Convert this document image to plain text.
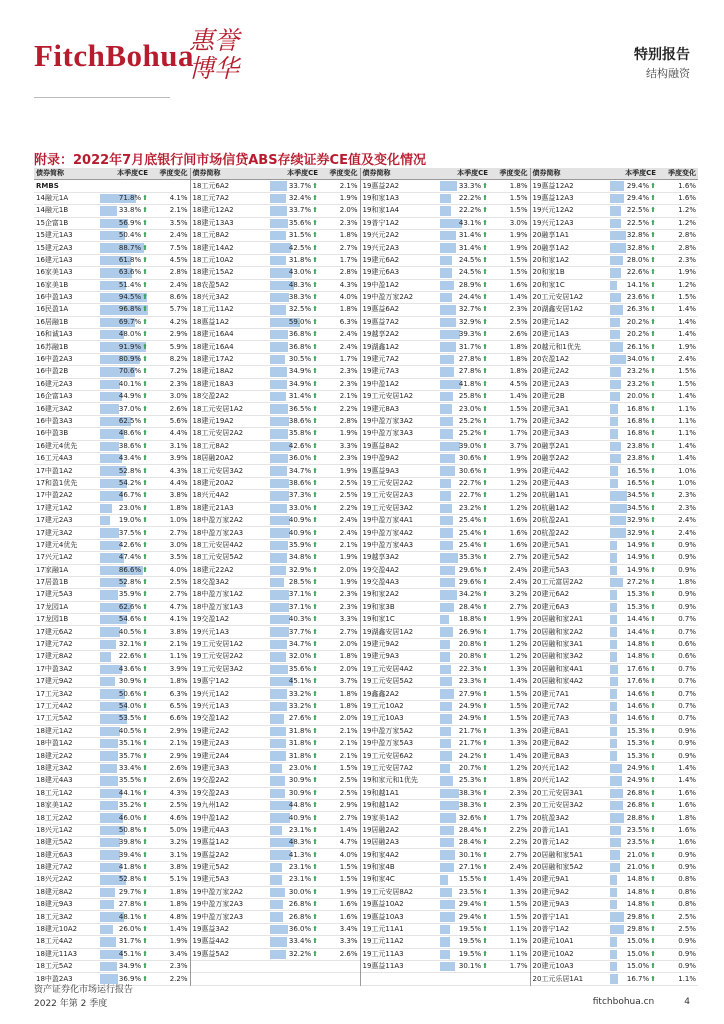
FitchBohua
惠誉
博华	特别报告
结构融资
附录：2022年7月底银行间市场信贷ABS存续证券CE值及变化情况
债券简称	本季度CE	季度变化	债券简称	本季度CE	季度变化	债券简称	本季度CE	季度变化	债券简称	本季度CE	季度变化
RMBS			18工元6A2	33.7%⬆	2.1%	19惠益2A2	33.3%⬆	1.8%	19惠益12A2	29.4%⬆	1.6%
14融元1A	71.8%⬆	4.1%	18工元7A2	32.4%⬆	1.9%	19和家1A3	22.2%⬆	1.5%	19惠益12A3	29.4%⬆	1.6%
14融元1B	33.8%⬆	2.1%	18建元12A2	33.7%⬆	2.0%	19和家1A4	22.2%⬆	1.5%	19兴元12A2	22.5%⬆	1.2%
15企富1B	56.9%⬆	3.5%	18建元13A3	35.6%⬆	2.3%	19普宁1A2	43.1%⬆	3.0%	19兴元12A3	22.5%⬆	1.2%
15建元1A3	50.4%⬆	2.4%	18工元8A2	31.5%⬆	1.8%	19兴元2A2	31.4%⬆	1.9%	20融享1A1	32.8%⬆	2.8%
15建元2A3	88.7%⬆	7.5%	18建元14A2	42.5%⬆	2.7%	19兴元2A3	31.4%⬆	1.9%	20融享1A2	32.8%⬆	2.8%
16建元1A3	61.8%⬆	4.5%	18工元10A2	31.8%⬆	1.7%	19建元6A2	24.5%⬆	1.5%	20和家1A2	28.0%⬆	2.3%
16家美1A3	63.6%⬆	2.8%	18建元15A2	43.0%⬆	2.8%	19建元6A3	24.5%⬆	1.5%	20和家1B	22.6%⬆	1.9%
16家美1B	51.4%⬆	2.4%	18农盈5A2	48.3%⬆	4.3%	19中盈1A2	28.9%⬆	1.6%	20和家1C	14.1%⬆	1.2%
16中盈1A3	94.5%⬆	8.6%	18兴元3A2	38.3%⬆	4.0%	19中盈万家2A2	24.4%⬆	1.4%	20工元安居1A2	23.6%⬆	1.5%
16民盈1A	96.8%⬆	5.7%	18工元11A2	32.5%⬆	1.8%	19惠益6A2	32.7%⬆	2.3%	20湖鑫安居1A2	26.3%⬆	1.4%
16居融1B	69.7%⬆	4.2%	18惠益1A2	59.0%⬆	6.3%	19惠益7A2	32.9%⬆	2.5%	20建元1A2	20.2%⬆	1.4%
16和诚1A3	48.0%⬆	2.9%	18建元16A4	36.8%⬆	2.4%	19越享2A2	39.3%⬆	2.6%	20建元1A3	20.2%⬆	1.4%
16苏融1B	91.9%⬆	5.9%	18建元16A4	36.8%⬆	2.4%	19湖鑫1A2	31.7%⬆	1.8%	20越元和1优先	26.1%⬆	1.9%
16中盈2A3	80.9%⬆	8.2%	18建元17A2	30.5%⬆	1.7%	19建元7A2	27.8%⬆	1.8%	20农盈1A2	34.0%⬆	2.4%
16中盈2B	70.6%⬆	7.2%	18建元18A2	34.9%⬆	2.3%	19建元7A3	27.8%⬆	1.8%	20建元2A2	23.2%⬆	1.5%
16建元2A3	40.1%⬆	2.3%	18建元18A3	34.9%⬆	2.3%	19中盈1A2	41.8%⬆	4.5%	20建元2A3	23.2%⬆	1.5%
16企富1A3	44.9%⬆	3.0%	18交盈2A2	31.4%⬆	2.1%	19工元安居1A2	25.8%⬆	1.4%	20建元2B	20.0%⬆	1.4%
16建元3A2	37.0%⬆	2.6%	18工元安居1A2	36.5%⬆	2.2%	19建元8A3	23.0%⬆	1.5%	20建元3A1	16.8%⬆	1.1%
16中盈3A3	62.5%⬆	5.6%	18建元19A2	38.6%⬆	2.8%	19中盈万家3A2	25.2%⬆	1.7%	20建元3A2	16.8%⬆	1.1%
16中盈3B	48.6%⬆	4.4%	18工元安居2A2	35.8%⬆	1.9%	19中盈万家3A3	25.2%⬆	1.7%	20建元3A3	16.8%⬆	1.1%
16建元4优先	38.6%⬆	3.1%	18工元8A2	42.6%⬆	3.3%	19惠益8A2	39.0%⬆	3.7%	20融享2A1	23.8%⬆	1.4%
16工元4A3	43.4%⬆	3.9%	18居融20A2	36.0%⬆	2.3%	19中盈9A2	30.6%⬆	1.9%	20融享2A2	23.8%⬆	1.4%
17中盈1A2	52.8%⬆	4.3%	18工元安居3A2	34.7%⬆	1.9%	19惠益9A3	30.6%⬆	1.9%	20建元4A2	16.5%⬆	1.0%
17和盈1优先	54.2%⬆	4.4%	18建元20A2	38.6%⬆	2.5%	19工元安居2A2	22.7%⬆	1.2%	20建元4A3	16.5%⬆	1.0%
17中盈2A2	46.7%⬆	3.8%	18兴元4A2	37.3%⬆	2.5%	19工元安居2A3	22.7%⬆	1.2%	20杭融1A1	34.5%⬆	2.3%
17建元1A2	23.0%⬆	1.8%	18建元21A3	33.0%⬆	2.2%	19工元安居3A2	23.2%⬆	1.2%	20杭融1A2	34.5%⬆	2.3%
17建元2A3	19.0%⬆	1.0%	18中盈万家2A2	40.9%⬆	2.4%	19中盈万家4A1	25.4%⬆	1.6%	20杭盈2A1	32.9%⬆	2.4%
17建元3A2	37.5%⬆	2.7%	18中盈万家2A3	40.9%⬆	2.4%	19中盈万家4A2	25.4%⬆	1.6%	20杭盈2A2	32.9%⬆	2.4%
17建元4优先	42.6%⬆	3.0%	18工元安居4A2	35.9%⬆	2.1%	19中盈万家4A3	25.4%⬆	1.6%	20建元5A1	14.9%⬆	0.9%
17兴元1A2	47.4%⬆	3.5%	18工元安居5A2	34.8%⬆	1.9%	19越享3A2	35.3%⬆	2.7%	20建元5A2	14.9%⬆	0.9%
17家融1A	86.6%⬆	4.0%	18建元22A2	32.9%⬆	2.0%	19交盈4A2	29.6%⬆	2.4%	20建元5A3	14.9%⬆	0.9%
17居盈1B	52.8%⬆	2.5%	18交盈3A2	28.5%⬆	1.9%	19交盈4A3	29.6%⬆	2.4%	20工元富居2A2	27.2%⬆	1.8%
17建元5A3	35.9%⬆	2.7%	18中盈万家1A2	37.1%⬆	2.3%	19和家2A2	34.2%⬆	3.2%	20建元6A2	15.3%⬆	0.9%
17龙园1A	62.6%⬆	4.7%	18中盈万家1A3	37.1%⬆	2.3%	19和家3B	28.4%⬆	2.7%	20建元6A3	15.3%⬆	0.9%
17龙园1B	54.6%⬆	4.1%	19交盈1A2	40.3%⬆	3.3%	19和家1C	18.8%⬆	1.9%	20居融和家2A1	14.4%⬆	0.7%
17建元6A2	40.5%⬆	3.8%	19兴元1A3	37.7%⬆	2.7%	19湖鑫安居1A2	26.9%⬆	1.7%	20居融和家2A2	14.4%⬆	0.7%
17建元7A2	32.1%⬆	2.1%	19工元安居1A2	34.7%⬆	2.0%	19建元9A2	20.8%⬆	1.2%	20居融和家3A1	14.8%⬆	0.6%
17建元8A2	22.6%⬆	1.1%	19工元安居2A2	32.0%⬆	1.8%	19建元9A3	20.8%⬆	1.2%	20居融和家3A2	14.8%⬆	0.6%
17中盈3A2	43.6%⬆	3.9%	19工元安居3A2	35.6%⬆	2.0%	19工元安居4A2	22.3%⬆	1.3%	20居融和家4A1	17.6%⬆	0.7%
17建元9A2	30.9%⬆	1.8%	19惠宁1A2	45.1%⬆	3.7%	19工元安居5A2	23.3%⬆	1.4%	20居融和家4A2	17.6%⬆	0.7%
17工元3A2	50.6%⬆	6.3%	19兴元1A2	33.2%⬆	1.8%	19鑫鑫2A2	27.9%⬆	1.5%	20建元7A1	14.6%⬆	0.7%
17工元4A2	54.0%⬆	6.5%	19兴元1A3	33.2%⬆	1.8%	19工元10A2	24.9%⬆	1.5%	20建元7A2	14.6%⬆	0.7%
17工元5A2	53.5%⬆	6.6%	19交盈1A2	27.6%⬆	2.0%	19工元10A3	24.9%⬆	1.5%	20建元7A3	14.6%⬆	0.7%
18建元1A2	40.5%⬆	2.9%	19建元2A2	31.8%⬆	2.1%	19中盈万家5A2	21.7%⬆	1.3%	20建元8A1	15.3%⬆	0.9%
18中盈1A2	35.1%⬆	2.1%	19建元2A3	31.8%⬆	2.1%	19中盈万家5A3	21.7%⬆	1.3%	20建元8A2	15.3%⬆	0.9%
18建元2A2	35.7%⬆	2.9%	19建元2A4	31.8%⬆	2.1%	19工元安居6A2	24.2%⬆	1.4%	20建元8A3	15.3%⬆	0.9%
18建元3A2	33.4%⬆	2.6%	19建元3A3	23.0%⬆	1.5%	19工元安居7A2	20.7%⬆	1.2%	20兴元1A2	24.9%⬆	1.4%
18建元4A3	35.5%⬆	2.6%	19交盈2A2	30.9%⬆	2.5%	19和家元和1优先	25.3%⬆	1.8%	20兴元1A2	24.9%⬆	1.4%
18工元1A2	44.1%⬆	4.3%	19交盈2A3	30.9%⬆	2.5%	19和越1A1	38.3%⬆	2.3%	20工元安居3A1	26.8%⬆	1.6%
18家美1A2	35.2%⬆	2.5%	19九州1A2	44.8%⬆	2.9%	19和越1A2	38.3%⬆	2.3%	20工元安居3A2	26.8%⬆	1.6%
18工元2A2	46.0%⬆	4.6%	19中盈1A2	40.9%⬆	2.7%	19家美1A2	32.6%⬆	1.7%	20杭盈3A2	28.8%⬆	1.8%
18兴元1A2	50.8%⬆	5.0%	19建元4A3	23.1%⬆	1.4%	19居融2A2	28.4%⬆	2.2%	20普元1A1	23.5%⬆	1.6%
18建元5A2	39.8%⬆	3.2%	19惠益1A2	48.3%⬆	4.7%	19居融2A3	28.4%⬆	2.2%	20普元1A2	23.5%⬆	1.6%
18建元6A3	39.4%⬆	3.1%	19惠益2A2	41.3%⬆	4.0%	19和家4A2	30.1%⬆	2.7%	20居融和家5A1	21.0%⬆	0.9%
18建元7A2	41.8%⬆	3.8%	19建元5A2	23.1%⬆	1.5%	19和家4B	27.1%⬆	2.4%	20居融和家5A2	21.0%⬆	0.9%
18兴元2A2	52.8%⬆	5.1%	19建元5A3	23.1%⬆	1.5%	19和家4C	15.5%⬆	1.4%	20建元9A1	14.8%⬆	0.8%
18建元8A2	29.7%⬆	1.8%	19中盈万家2A2	30.0%⬆	1.9%	19工元安居8A2	23.5%⬆	1.3%	20建元9A2	14.8%⬆	0.8%
18建元9A3	27.8%⬆	1.8%	19中盈万家2A3	26.8%⬆	1.6%	19惠益10A2	29.4%⬆	1.5%	20建元9A3	14.8%⬆	0.8%
18工元3A2	48.1%⬆	4.8%	19中盈万家2A3	26.8%⬆	1.6%	19惠益10A3	29.4%⬆	1.5%	20普宁1A1	29.8%⬆	2.5%
18建元10A2	26.0%⬆	1.4%	19惠益3A2	36.0%⬆	3.4%	19工元11A1	19.5%⬆	1.1%	20普宁1A2	29.8%⬆	2.5%
18工元4A2	31.7%⬆	1.9%	19惠益4A2	33.4%⬆	3.3%	19工元11A2	19.5%⬆	1.1%	20建元10A1	15.0%⬆	0.9%
18建元11A3	45.1%⬆	3.4%	19惠益5A2	32.2%⬆	2.6%	19工元11A3	19.5%⬆	1.1%	20建元10A2	15.0%⬆	0.9%
18工元5A2	34.9%⬆	2.3%				19惠益11A3	30.1%⬆	1.7%	20建元10A3	15.0%⬆	0.9%
18中盈2A3	36.9%⬆	2.2%							20工元乐居1A1	16.7%⬆	1.1%
资产证券化市场运行报告
2022 年第 2 季度	fitchbohua.cn	4
